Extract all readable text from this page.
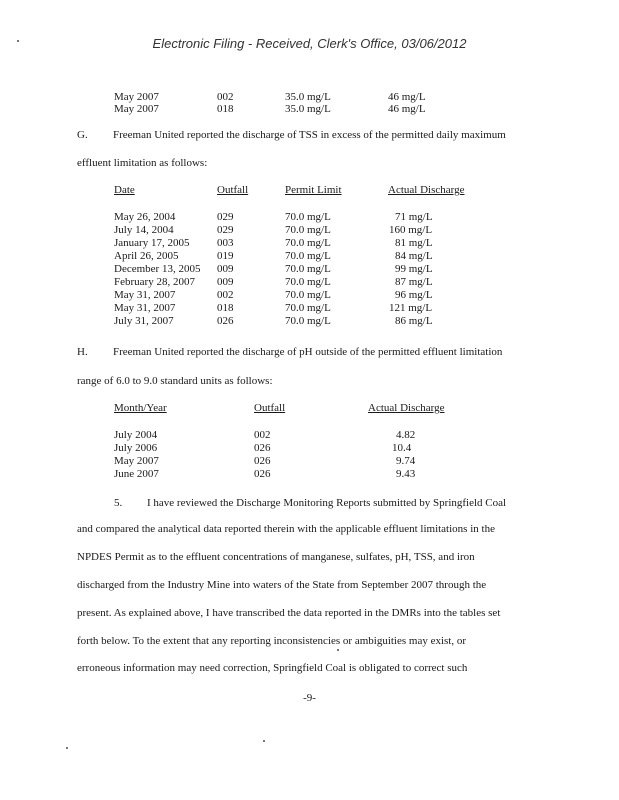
Electronic Filing - Received, Clerk's Office, 03/06/2012
May 2007	002	35.0 mg/L	46 mg/L
May 2007	018	35.0 mg/L	46 mg/L
G. Freeman United reported the discharge of TSS in excess of the permitted daily maximum
effluent limitation as follows:
Date	Outfall	Permit Limit	Actual Discharge
May 26, 2004	029	70.0 mg/L	71 mg/L
July 14, 2004	029	70.0 mg/L	160 mg/L
January 17, 2005	003	70.0 mg/L	81 mg/L
April 26, 2005	019	70.0 mg/L	84 mg/L
December 13, 2005 009	70.0 mg/L	99 mg/L
February 28, 2007 009	70.0 mg/L	87 mg/L
May 31, 2007	002	70.0 mg/L	96 mg/L
May 31, 2007	018	70.0 mg/L	121 mg/L
July 31, 2007	026	70.0 mg/L	86 mg/L
H. Freeman United reported the discharge of pH outside of the permitted effluent limitation
range of 6.0 to 9.0 standard units as follows:
Month/Year	Outfall	Actual Discharge
July 2004	002	4.82
July 2006	026	10.4
May 2007	026	9.74
June 2007	026	9.43
5. I have reviewed the Discharge Monitoring Reports submitted by Springfield Coal
and compared the analytical data reported therein with the applicable effluent limitations in the
NPDES Permit as to the effluent concentrations of manganese, sulfates, pH, TSS, and iron
discharged from the Industry Mine into waters of the State from September 2007 through the
present. As explained above, I have transcribed the data reported in the DMRs into the tables set
forth below. To the extent that any reporting inconsistencies or ambiguities may exist, or
erroneous information may need correction, Springfield Coal is obligated to correct such
-9-
